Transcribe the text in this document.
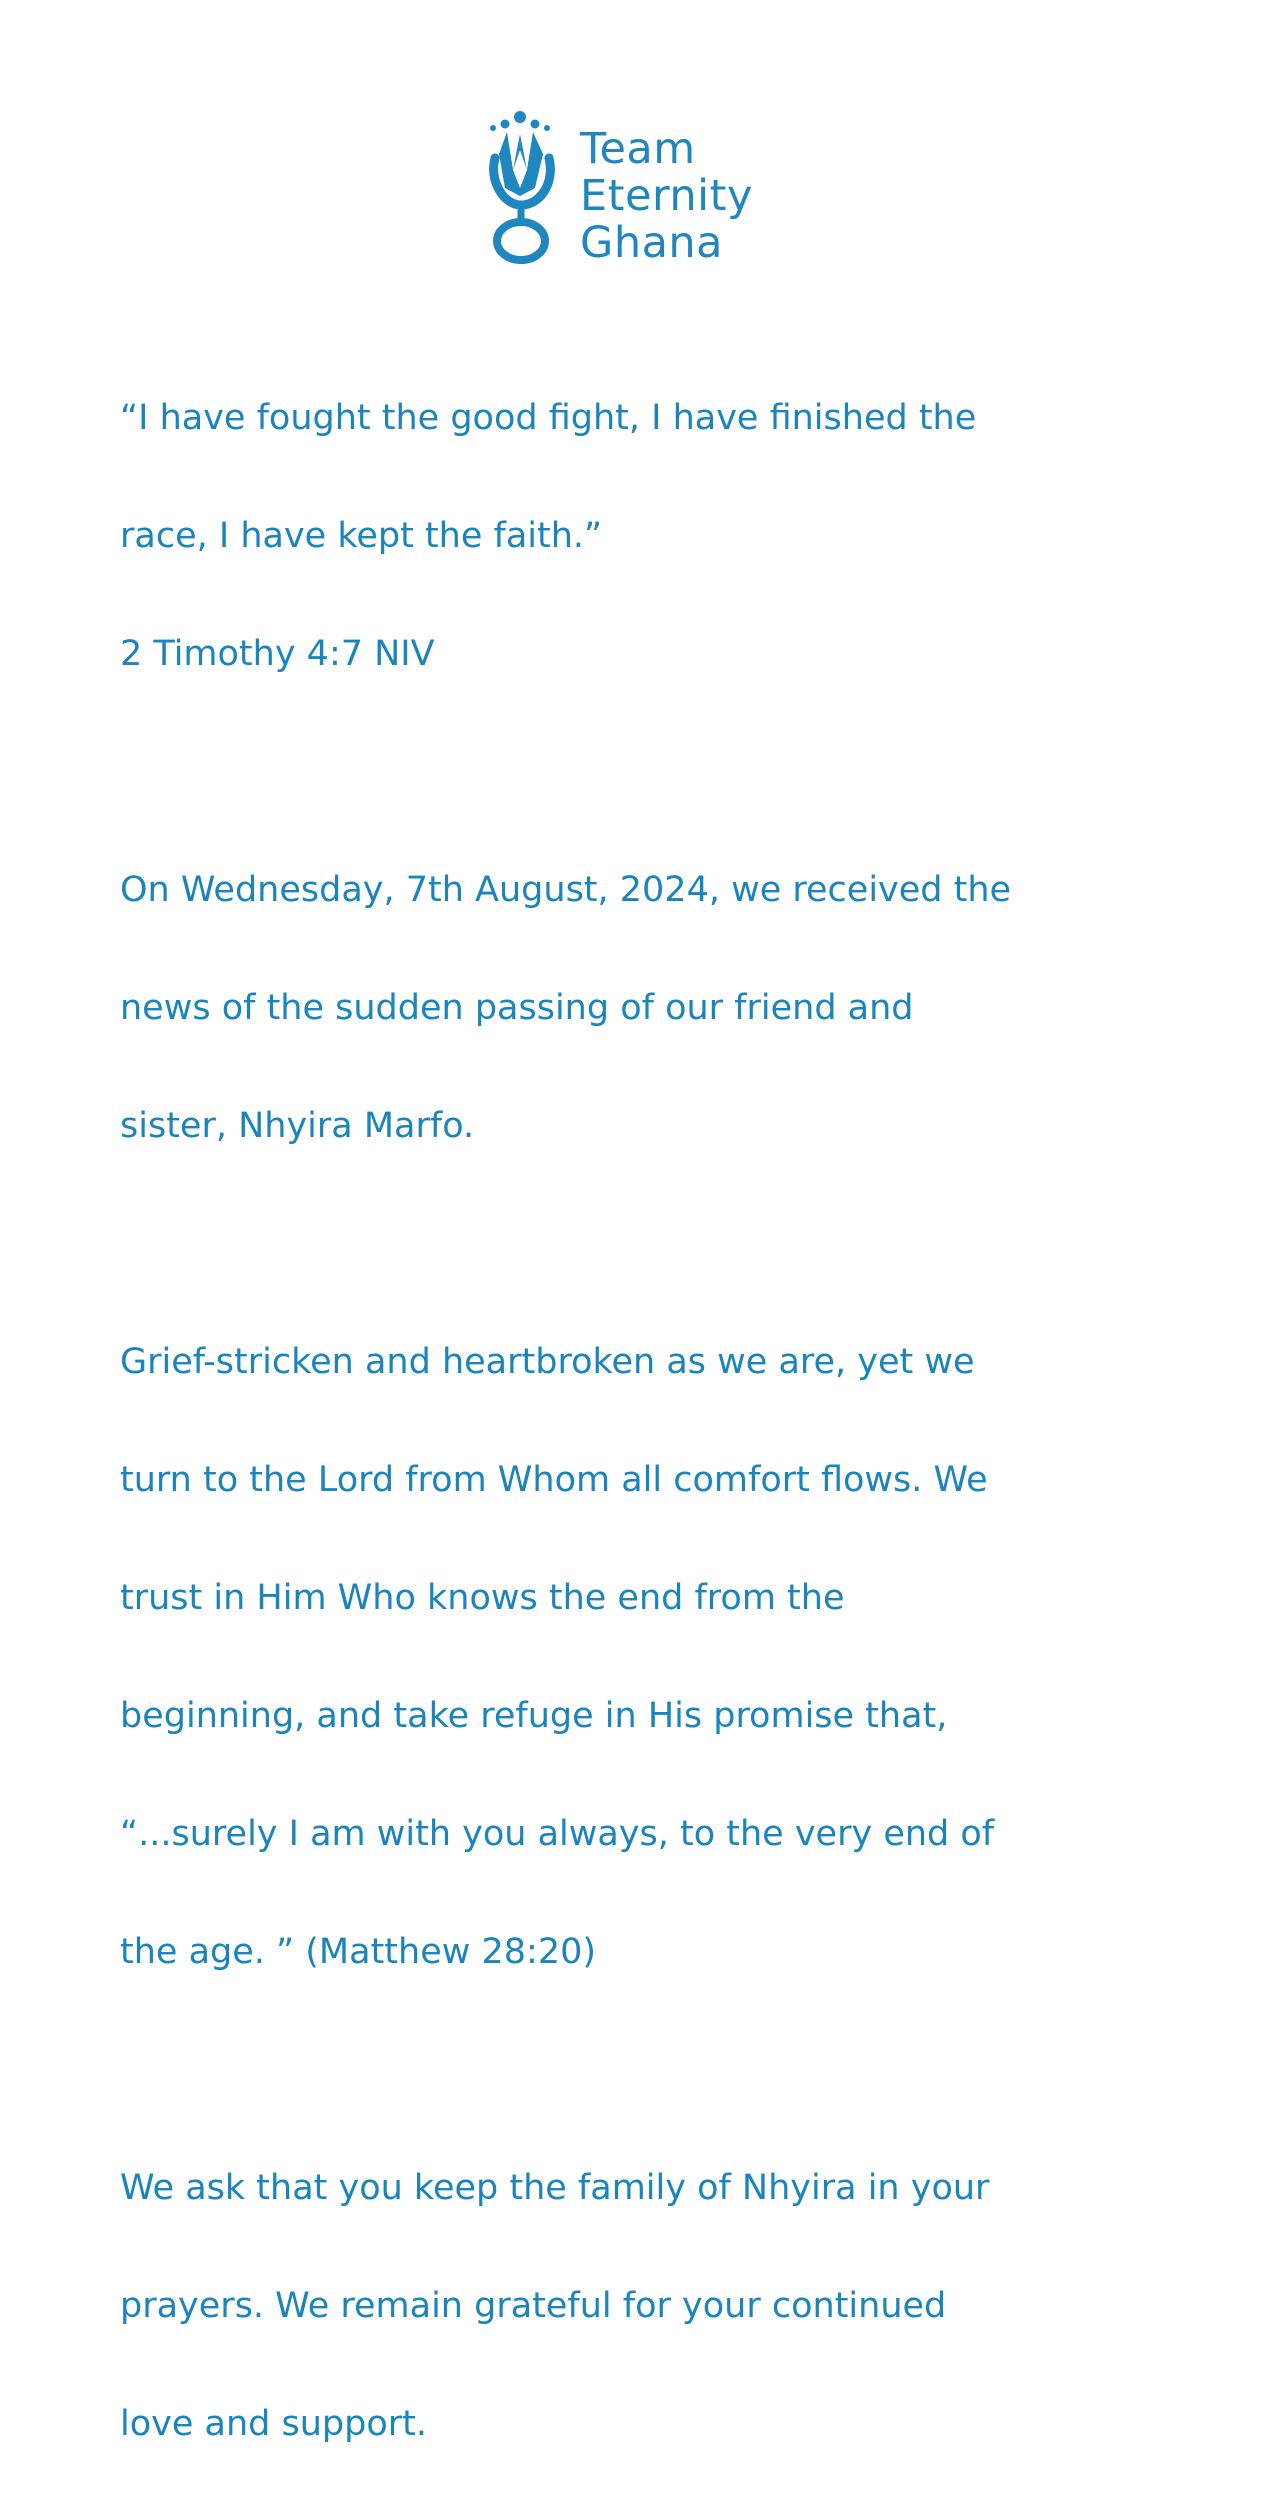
Team
Eternity
Ghana

“I have fought the good fight, I have finished the

race, I have kept the faith.”

2 Timothy 4:7 NIV

On Wednesday, 7th August, 2024, we received the

news of the sudden passing of our friend and

sister, Nhyira Marfo.

Grief-stricken and heartbroken as we are, yet we

turn to the Lord from Whom all comfort flows. We

trust in Him Who knows the end from the

beginning, and take refuge in His promise that,

“...surely I am with you always, to the very end of

the age. ” (Matthew 28:20)

We ask that you keep the family of Nhyira in your

prayers. We remain grateful for your continued

love and support.
